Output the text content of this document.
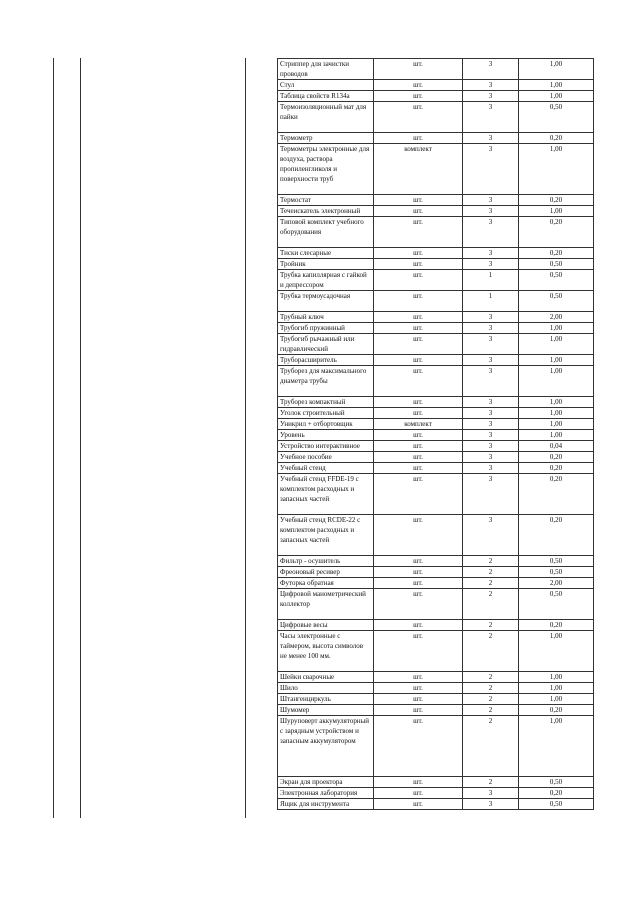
Стриппер для зачистки проводов	шт.	3	1,00
Стул	шт.	3	1,00
Таблица свойств R134a	шт.	3	1,00
Термоизоляционный мат для пайки	шт.	3	0,50
Термометр	шт.	3	0,20
Термометры электронные для воздуха, раствора пропиленгликоля и поверхности труб	комплект	3	1,00
Термостат	шт.	3	0,20
Течеискатель электронный	шт.	3	1,00
Типовой комплект учебного оборудования	шт.	3	0,20
Тиски слесарные	шт.	3	0,20
Тройник	шт.	3	0,50
Трубка капиллярная с гайкой и депрессором	шт.	1	0,50
Трубка термоусадочная	шт.	1	0,50
Трубный ключ	шт.	3	2,00
Трубогиб пружинный	шт.	3	1,00
Трубогиб рычажный или гидравлический	шт.	3	1,00
Труборасширитель	шт.	3	1,00
Труборез для максимального диаметра трубы	шт.	3	1,00
Труборез компактный	шт.	3	1,00
Уголок строительный	шт.	3	1,00
Уникрил + отбортовщик	комплект	3	1,00
Уровень	шт.	3	1,00
Устройство интерактивное	шт.	3	0,04
Учебное пособие	шт.	3	0,20
Учебный стенд	шт.	3	0,20
Учебный стенд FFDE-19 с комплектом расходных и запасных частей	шт.	3	0,20
Учебный стенд RCDE-22 с комплектом расходных и запасных частей	шт.	3	0,20
Фильтр - осушитель	шт.	2	0,50
Фреоновый ресивер	шт.	2	0,50
Футорка обратная	шт.	2	2,00
Цифровой манометрический коллектор	шт.	2	0,50
Цифровые весы	шт.	2	0,20
Часы электронные с таймером, высота символов не менее 100 мм.	шт.	2	1,00
Шейки сварочные	шт.	2	1,00
Шило	шт.	2	1,00
Штангенциркуль	шт.	2	1,00
Шумомер	шт.	2	0,20
Шуруповерт аккумуляторный с зарядным устройством и запасным аккумулятором	шт.	2	1,00
Экран для проектора	шт.	2	0,50
Электронная лаборатория	шт.	3	0,20
Ящик для инструмента	шт.	3	0,50
